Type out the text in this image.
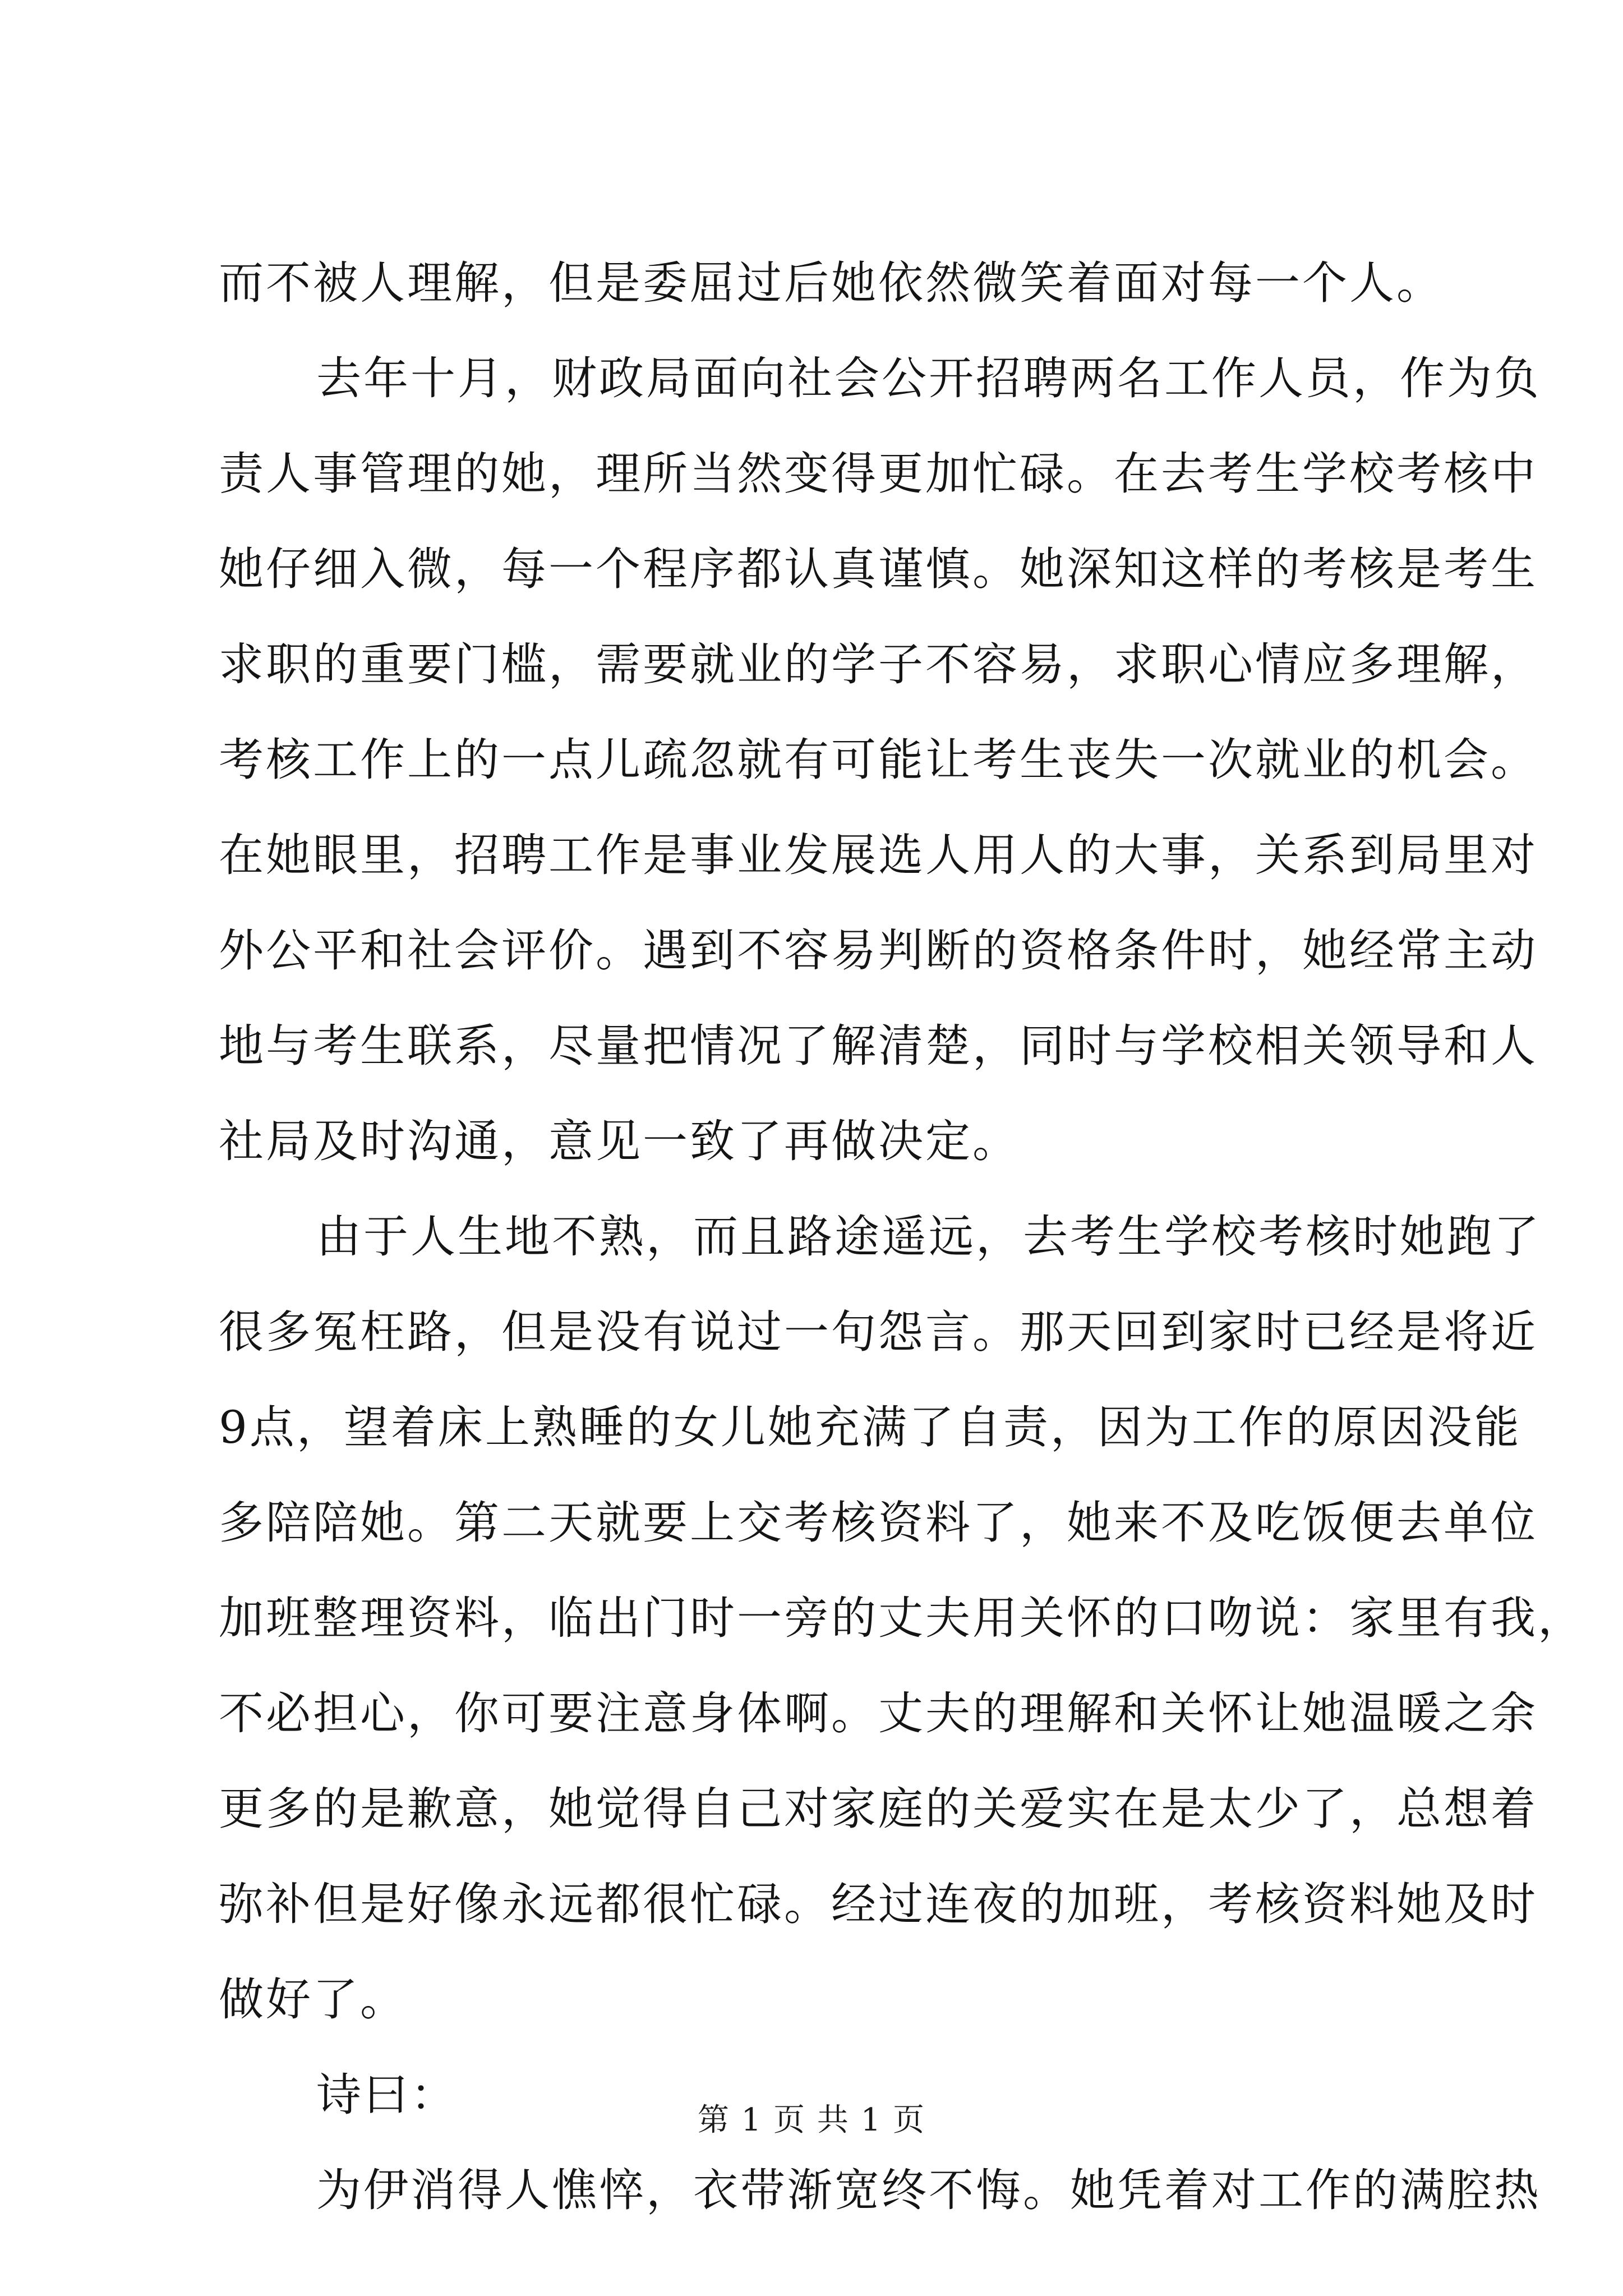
而不被人理解，但是委屈过后她依然微笑着面对每一个人。
去年十月，财政局面向社会公开招聘两名工作人员，作为负
责人事管理的她，理所当然变得更加忙碌。在去考生学校考核中
她仔细入微，每一个程序都认真谨慎。她深知这样的考核是考生
求职的重要门槛，需要就业的学子不容易，求职心情应多理解，
考核工作上的一点儿疏忽就有可能让考生丧失一次就业的机会。
在她眼里，招聘工作是事业发展选人用人的大事，关系到局里对
外公平和社会评价。遇到不容易判断的资格条件时，她经常主动
地与考生联系，尽量把情况了解清楚，同时与学校相关领导和人
社局及时沟通，意见一致了再做决定。
由于人生地不熟，而且路途遥远，去考生学校考核时她跑了
很多冤枉路，但是没有说过一句怨言。那天回到家时已经是将近
9点，望着床上熟睡的女儿她充满了自责，因为工作的原因没能
多陪陪她。第二天就要上交考核资料了，她来不及吃饭便去单位
加班整理资料，临出门时一旁的丈夫用关怀的口吻说：家里有我，
不必担心，你可要注意身体啊。丈夫的理解和关怀让她温暖之余
更多的是歉意，她觉得自己对家庭的关爱实在是太少了，总想着
弥补但是好像永远都很忙碌。经过连夜的加班，考核资料她及时
做好了。
诗曰：
为伊消得人憔悴，衣带渐宽终不悔。她凭着对工作的满腔热
第 1 页 共 1 页
